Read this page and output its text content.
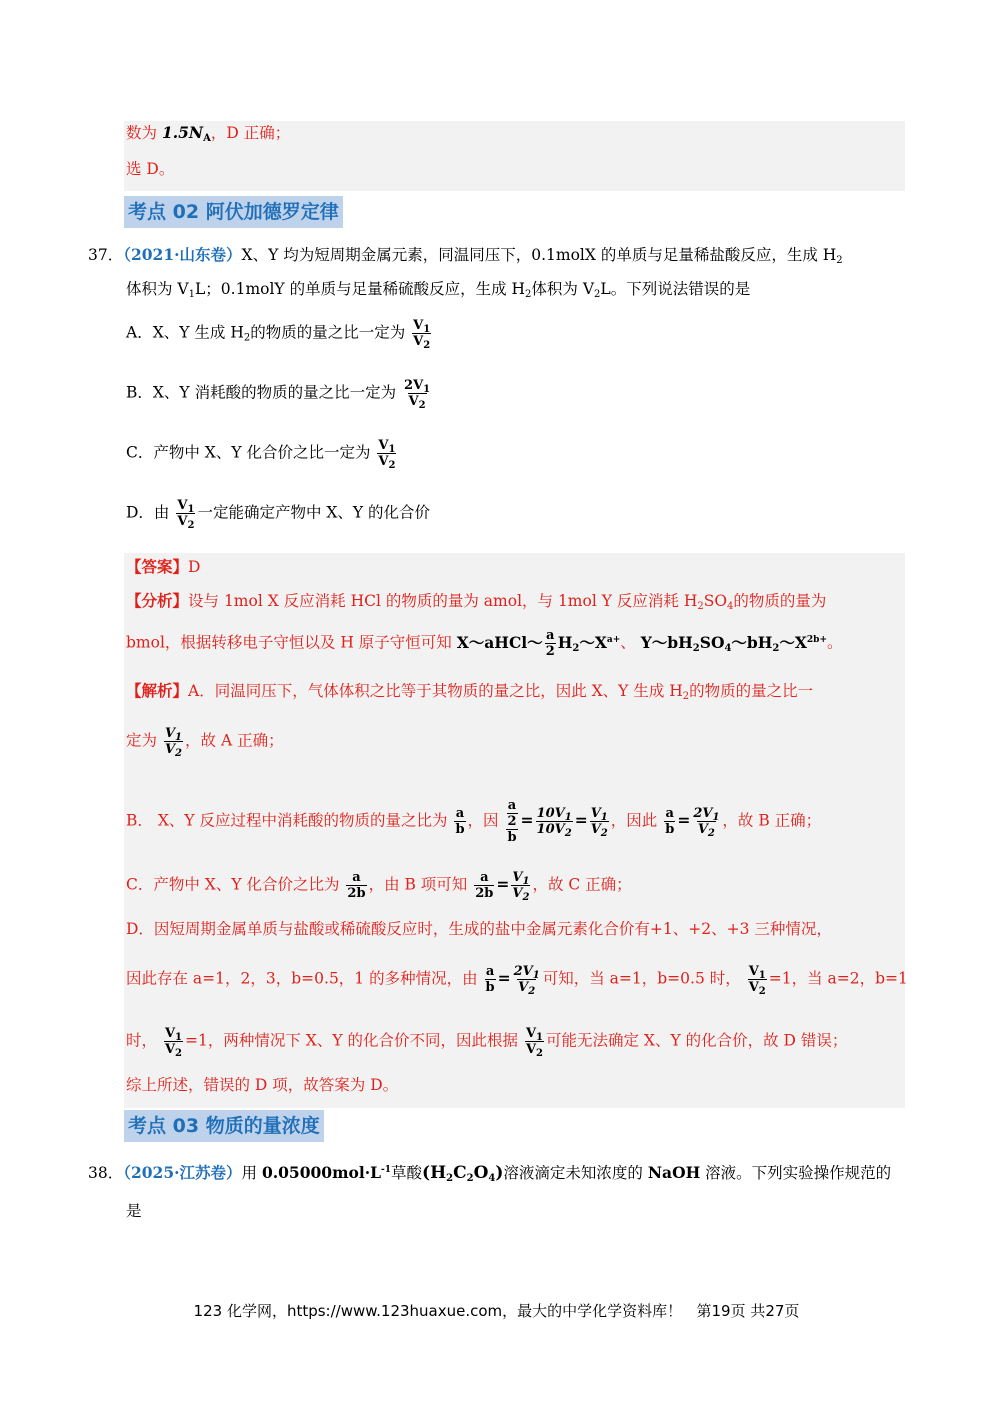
数为 $1.5N_A$，D 正确；
选 D。
考点 02 阿伏加德罗定律
37．（2021·山东卷）X、Y 均为短周期金属元素，同温同压下，0.1molX 的单质与足量稀盐酸反应，生成 $H_2$
体积为 $V_1L$；0.1molY 的单质与足量稀硫酸反应，生成 $H_2$体积为 $V_2L$。下列说法错误的是
A．X、Y 生成 $H_2$的物质的量之比一定为 $\frac{V_1}{V_2}$
B．X、Y 消耗酸的物质的量之比一定为 $\frac{2V_1}{V_2}$
C．产物中 X、Y 化合价之比一定为 $\frac{V_1}{V_2}$
D．由 $\frac{V_1}{V_2}$ 一定能确定产物中 X、Y 的化合价
【答案】D
【分析】设与 1mol X 反应消耗 HCl 的物质的量为 amol，与 1mol Y 反应消耗 $H_2SO_4$的物质的量为
bmol，根据转移电子守恒以及 H 原子守恒可知 X～aHCl～ $\frac{a}{2}$ $H_2\sim X^{a+}$、 $Y\sim bH_2SO_4\sim bH_2\sim X^{2b+}$。
【解析】A．同温同压下，气体体积之比等于其物质的量之比，因此 X、Y 生成 $H_2$的物质的量之比一
定为 $\frac{V_1}{V_2}$ ，故 A 正确；
B． X、Y 反应过程中消耗酸的物质的量之比为 $\frac{a}{b}$ ，因 $\frac{\frac{a}{2}}{b} = \frac{10V_1}{10V_2} = \frac{V_1}{V_2}$ ，因此 $\frac{a}{b} = \frac{2V_1}{V_2}$ ，故 B 正确；
C．产物中 X、Y 化合价之比为 $\frac{a}{2b}$ ，由 B 项可知 $\frac{a}{2b} = \frac{V_1}{V_2}$ ，故 C 正确；
D．因短周期金属单质与盐酸或稀硫酸反应时，生成的盐中金属元素化合价有+1、+2、+3 三种情况，
因此存在 a=1，2，3，b=0.5，1 的多种情况，由 $\frac{a}{b} = \frac{2V_1}{V_2}$ 可知，当 a=1，b=0.5 时， $\frac{V_1}{V_2} =1$，当 a=2，b=1
时， $\frac{V_1}{V_2} =1$，两种情况下 X、Y 的化合价不同，因此根据 $\frac{V_1}{V_2}$ 可能无法确定 X、Y 的化合价，故 D 错误；
综上所述，错误的 D 项，故答案为 D。
考点 03 物质的量浓度
38．（2025·江苏卷）用 $0.05000mol\cdot L^{-1}$草酸$(H_2C_2O_4)$溶液滴定未知浓度的 NaOH 溶液。下列实验操作规范的
是
123 化学网，https://www.123huaxue.com，最大的中学化学资料库！ 第19页 共27页
